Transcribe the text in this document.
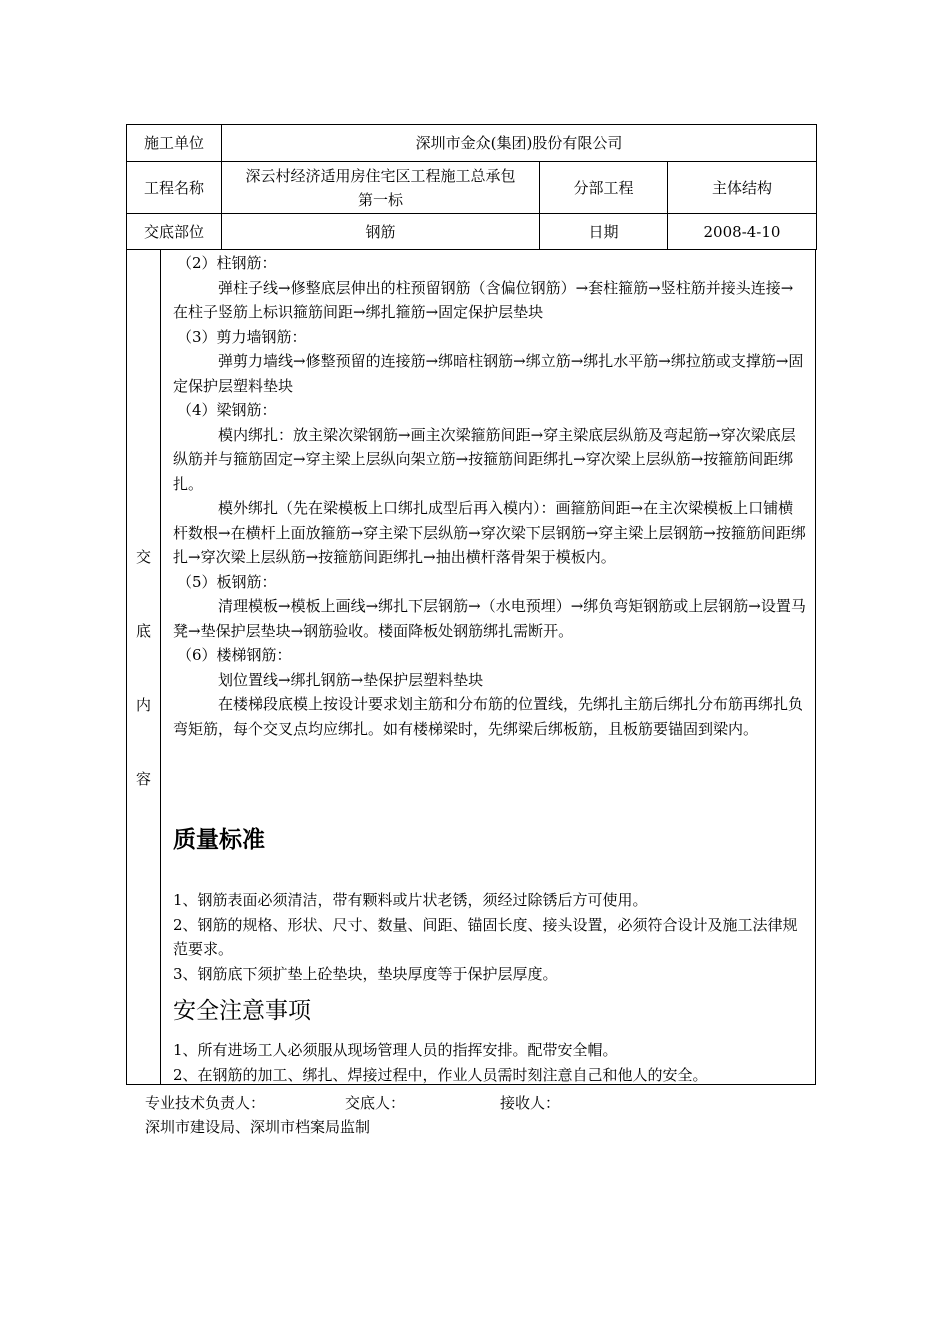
施工单位	深圳市金众(集团)股份有限公司		
工程名称	深云村经济适用房住宅区工程施工总承包第一标	分部工程	主体结构
交底部位	钢筋	日期	2008-4-10
交
底
内
容

（2）柱钢筋：

弹柱子线→修整底层伸出的柱预留钢筋（含偏位钢筋）→套柱箍筋→竖柱筋并接头连接→在柱子竖筋上标识箍筋间距→绑扎箍筋→固定保护层垫块

（3）剪力墙钢筋：

弹剪力墙线→修整预留的连接筋→绑暗柱钢筋→绑立筋→绑扎水平筋→绑拉筋或支撑筋→固定保护层塑料垫块

（4）梁钢筋：

模内绑扎：放主梁次梁钢筋→画主次梁箍筋间距→穿主梁底层纵筋及弯起筋→穿次梁底层纵筋并与箍筋固定→穿主梁上层纵向架立筋→按箍筋间距绑扎→穿次梁上层纵筋→按箍筋间距绑扎。

模外绑扎（先在梁模板上口绑扎成型后再入模内）：画箍筋间距→在主次梁模板上口铺横杆数根→在横杆上面放箍筋→穿主梁下层纵筋→穿次梁下层钢筋→穿主梁上层钢筋→按箍筋间距绑扎→穿次梁上层纵筋→按箍筋间距绑扎→抽出横杆落骨架于模板内。

（5）板钢筋：

清理模板→模板上画线→绑扎下层钢筋→（水电预埋）→绑负弯矩钢筋或上层钢筋→设置马凳→垫保护层垫块→钢筋验收。楼面降板处钢筋绑扎需断开。

（6）楼梯钢筋：

划位置线→绑扎钢筋→垫保护层塑料垫块

在楼梯段底模上按设计要求划主筋和分布筋的位置线，先绑扎主筋后绑扎分布筋再绑扎负弯矩筋，每个交叉点均应绑扎。如有楼梯梁时，先绑梁后绑板筋，且板筋要锚固到梁内。

质量标准

1、钢筋表面必须清洁，带有颗料或片状老锈，须经过除锈后方可使用。

2、钢筋的规格、形状、尺寸、数量、间距、锚固长度、接头设置，必须符合设计及施工法律规范要求。

3、钢筋底下须扩垫上砼垫块，垫块厚度等于保护层厚度。

安全注意事项

1、所有进场工人必须服从现场管理人员的指挥安排。配带安全帽。

2、在钢筋的加工、绑扎、焊接过程中，作业人员需时刻注意自己和他人的安全。

专业技术负责人：	交底人：	接收人：
深圳市建设局、深圳市档案局监制
